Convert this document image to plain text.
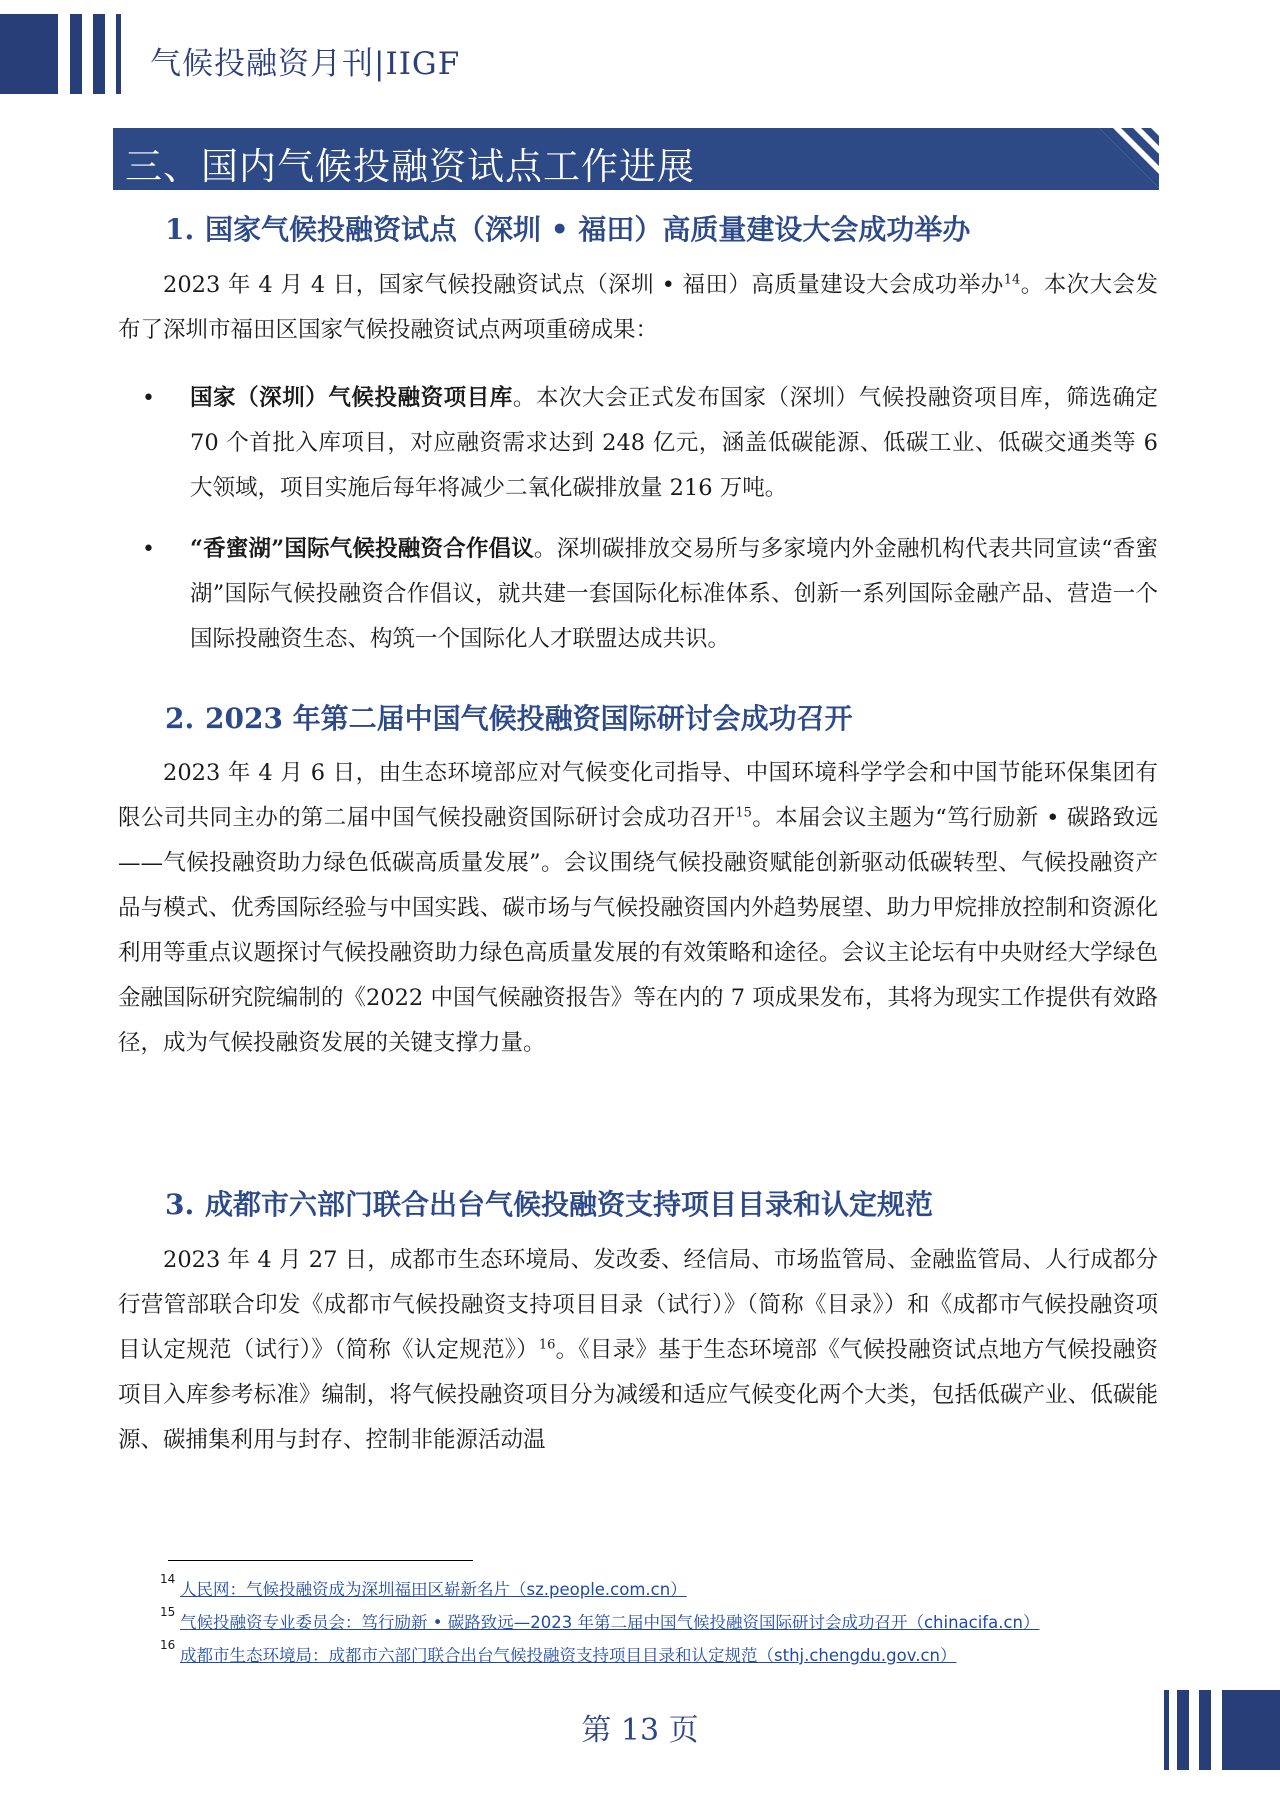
气候投融资月刊|IIGF
三、国内气候投融资试点工作进展
1. 国家气候投融资试点（深圳 • 福田）高质量建设大会成功举办
2023 年 4 月 4 日，国家气候投融资试点（深圳 • 福田）高质量建设大会成功举办$^{14}$。本次大会发布了深圳市福田区国家气候投融资试点两项重磅成果：
• 国家（深圳）气候投融资项目库。本次大会正式发布国家（深圳）气候投融资项目库，筛选确定 70 个首批入库项目，对应融资需求达到 248 亿元，涵盖低碳能源、低碳工业、低碳交通类等 6 大领域，项目实施后每年将减少二氧化碳排放量 216 万吨。
• “香蜜湖”国际气候投融资合作倡议。深圳碳排放交易所与多家境内外金融机构代表共同宣读“香蜜湖”国际气候投融资合作倡议，就共建一套国际化标准体系、创新一系列国际金融产品、营造一个国际投融资生态、构筑一个国际化人才联盟达成共识。
2. 2023 年第二届中国气候投融资国际研讨会成功召开
2023 年 4 月 6 日，由生态环境部应对气候变化司指导、中国环境科学学会和中国节能环保集团有限公司共同主办的第二届中国气候投融资国际研讨会成功召开$^{15}$。本届会议主题为“笃行励新 • 碳路致远——气候投融资助力绿色低碳高质量发展”。会议围绕气候投融资赋能创新驱动低碳转型、气候投融资产品与模式、优秀国际经验与中国实践、碳市场与气候投融资国内外趋势展望、助力甲烷排放控制和资源化利用等重点议题探讨气候投融资助力绿色高质量发展的有效策略和途径。会议主论坛有中央财经大学绿色金融国际研究院编制的《2022 中国气候融资报告》等在内的 7 项成果发布，其将为现实工作提供有效路径，成为气候投融资发展的关键支撑力量。
3. 成都市六部门联合出台气候投融资支持项目目录和认定规范
2023 年 4 月 27 日，成都市生态环境局、发改委、经信局、市场监管局、金融监管局、人行成都分行营管部联合印发《成都市气候投融资支持项目目录（试行）》（简称《目录》）和《成都市气候投融资项目认定规范（试行）》（简称《认定规范》）$^{16}$。《目录》基于生态环境部《气候投融资试点地方气候投融资项目入库参考标准》编制，将气候投融资项目分为减缓和适应气候变化两个大类，包括低碳产业、低碳能源、碳捕集利用与封存、控制非能源活动温
14
人民网：气候投融资成为深圳福田区崭新名片（sz.people.com.cn）
15
气候投融资专业委员会：笃行励新 • 碳路致远—2023 年第二届中国气候投融资国际研讨会成功召开（chinacifa.cn）
16
成都市生态环境局：成都市六部门联合出台气候投融资支持项目目录和认定规范（sthj.chengdu.gov.cn）
第 13 页
